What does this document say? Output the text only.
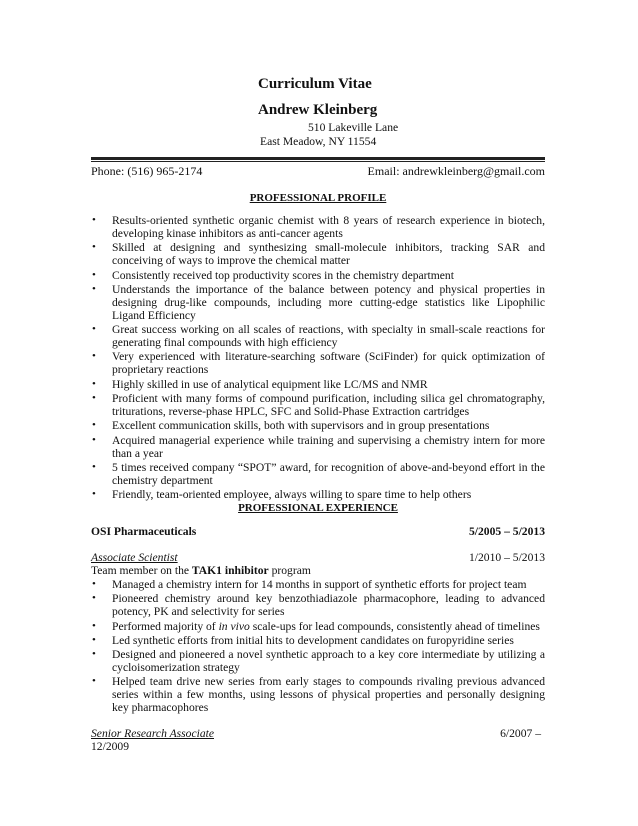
Curriculum Vitae
Andrew Kleinberg
510 Lakeville Lane
East Meadow, NY 11554
Phone: (516) 965-2174	Email: andrewkleinberg@gmail.com
PROFESSIONAL PROFILE
• Results-oriented synthetic organic chemist with 8 years of research experience in biotech, developing kinase inhibitors as anti-cancer agents
• Skilled at designing and synthesizing small-molecule inhibitors, tracking SAR and conceiving of ways to improve the chemical matter
• Consistently received top productivity scores in the chemistry department
• Understands the importance of the balance between potency and physical properties in designing drug-like compounds, including more cutting-edge statistics like Lipophilic Ligand Efficiency
• Great success working on all scales of reactions, with specialty in small-scale reactions for generating final compounds with high efficiency
• Very experienced with literature-searching software (SciFinder) for quick optimization of proprietary reactions
• Highly skilled in use of analytical equipment like LC/MS and NMR
• Proficient with many forms of compound purification, including silica gel chromatography, triturations, reverse-phase HPLC, SFC and Solid-Phase Extraction cartridges
• Excellent communication skills, both with supervisors and in group presentations
• Acquired managerial experience while training and supervising a chemistry intern for more than a year
• 5 times received company “SPOT” award, for recognition of above-and-beyond effort in the chemistry department
• Friendly, team-oriented employee, always willing to spare time to help others
PROFESSIONAL EXPERIENCE
OSI Pharmaceuticals	5/2005 – 5/2013
Associate Scientist	1/2010 – 5/2013
Team member on the TAK1 inhibitor program
• Managed a chemistry intern for 14 months in support of synthetic efforts for project team
• Pioneered chemistry around key benzothiadiazole pharmacophore, leading to advanced potency, PK and selectivity for series
• Performed majority of in vivo scale-ups for lead compounds, consistently ahead of timelines
• Led synthetic efforts from initial hits to development candidates on furopyridine series
• Designed and pioneered a novel synthetic approach to a key core intermediate by utilizing a cycloisomerization strategy
• Helped team drive new series from early stages to compounds rivaling previous advanced series within a few months, using lessons of physical properties and personally designing key pharmacophores
Senior Research Associate	6/2007 –
12/2009
